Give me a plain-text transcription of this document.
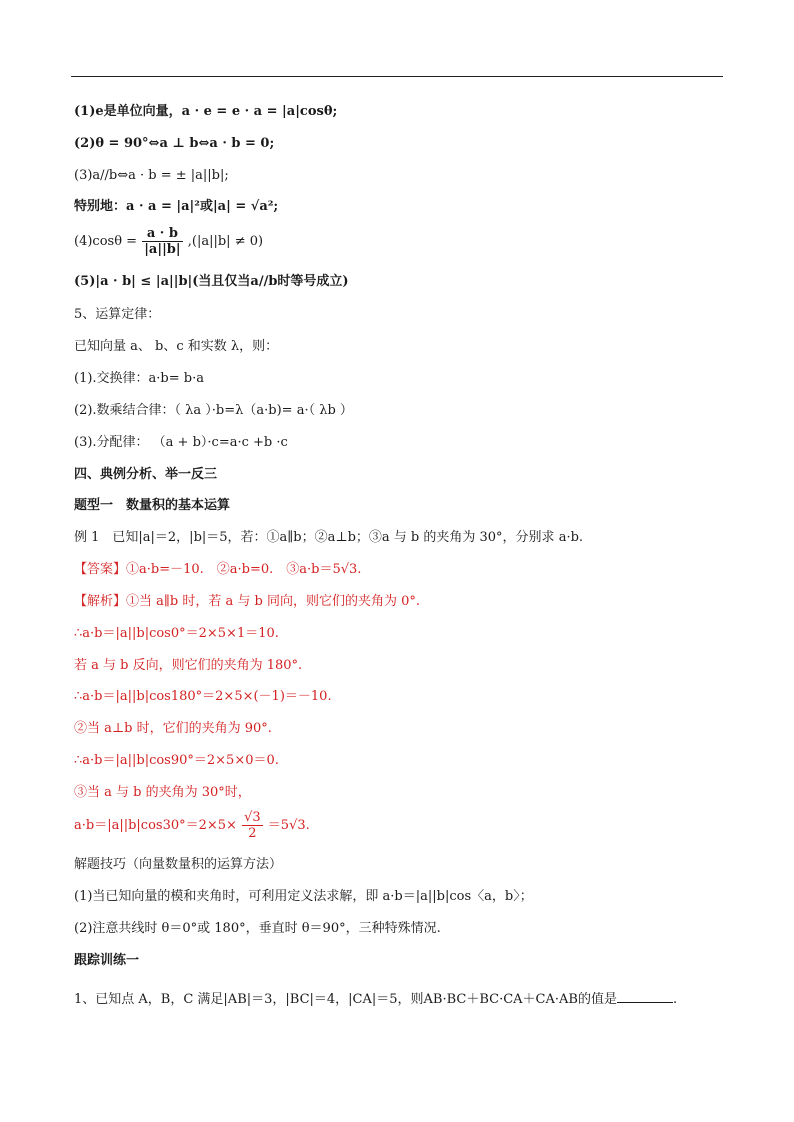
(1)e是单位向量，a · e = e · a = |a|cosθ;
(2)θ = 90°⇔a ⊥ b⇔a · b = 0;
(3)a//b⇔a · b = ± |a||b|;
特别地：a · a = |a|²或|a| = √a²;
$(4)\cos\theta = \frac{a \cdot b}{|a||b|} ,(|a||b| \ne 0)$
(5)|a · b| ≤ |a||b|(当且仅当a//b时等号成立)
5、运算定律：
已知向量 a、 b、c 和实数 λ，则：
(1).交换律：a·b= b·a
(2).数乘结合律：（ λa ）·b=λ（a·b)= a·（ λb ）
(3).分配律： （a + b）·c=a·c +b ·c
四、典例分析、举一反三
题型一　数量积的基本运算
例 1　已知|a|＝2，|b|＝5，若：①a∥b；②a⊥b；③a 与 b 的夹角为 30°，分别求 a·b.
【答案】①a·b=－10.　②a·b=0.　③a·b＝5√3.
【解析】①当 a∥b 时，若 a 与 b 同向，则它们的夹角为 0°.
∴a·b＝|a||b|cos0°＝2×5×1＝10.
若 a 与 b 反向，则它们的夹角为 180°.
∴a·b＝|a||b|cos180°＝2×5×(－1)＝－10.
②当 a⊥b 时，它们的夹角为 90°.
∴a·b＝|a||b|cos90°＝2×5×0＝0.
③当 a 与 b 的夹角为 30°时，
$a\cdot b=|a||b|\cos 30^\circ=2\times 5\times \frac{√3}{2} =5√3$.
解题技巧（向量数量积的运算方法）
(1)当已知向量的模和夹角时，可利用定义法求解，即 a·b＝|a||b|cos〈a，b〉；
(2)注意共线时 θ＝0°或 180°，垂直时 θ＝90°，三种特殊情况.
跟踪训练一
1、已知点 A，B，C 满足|AB|＝3，|BC|＝4，|CA|＝5，则AB·BC＋BC·CA＋CA·AB的值是	.
